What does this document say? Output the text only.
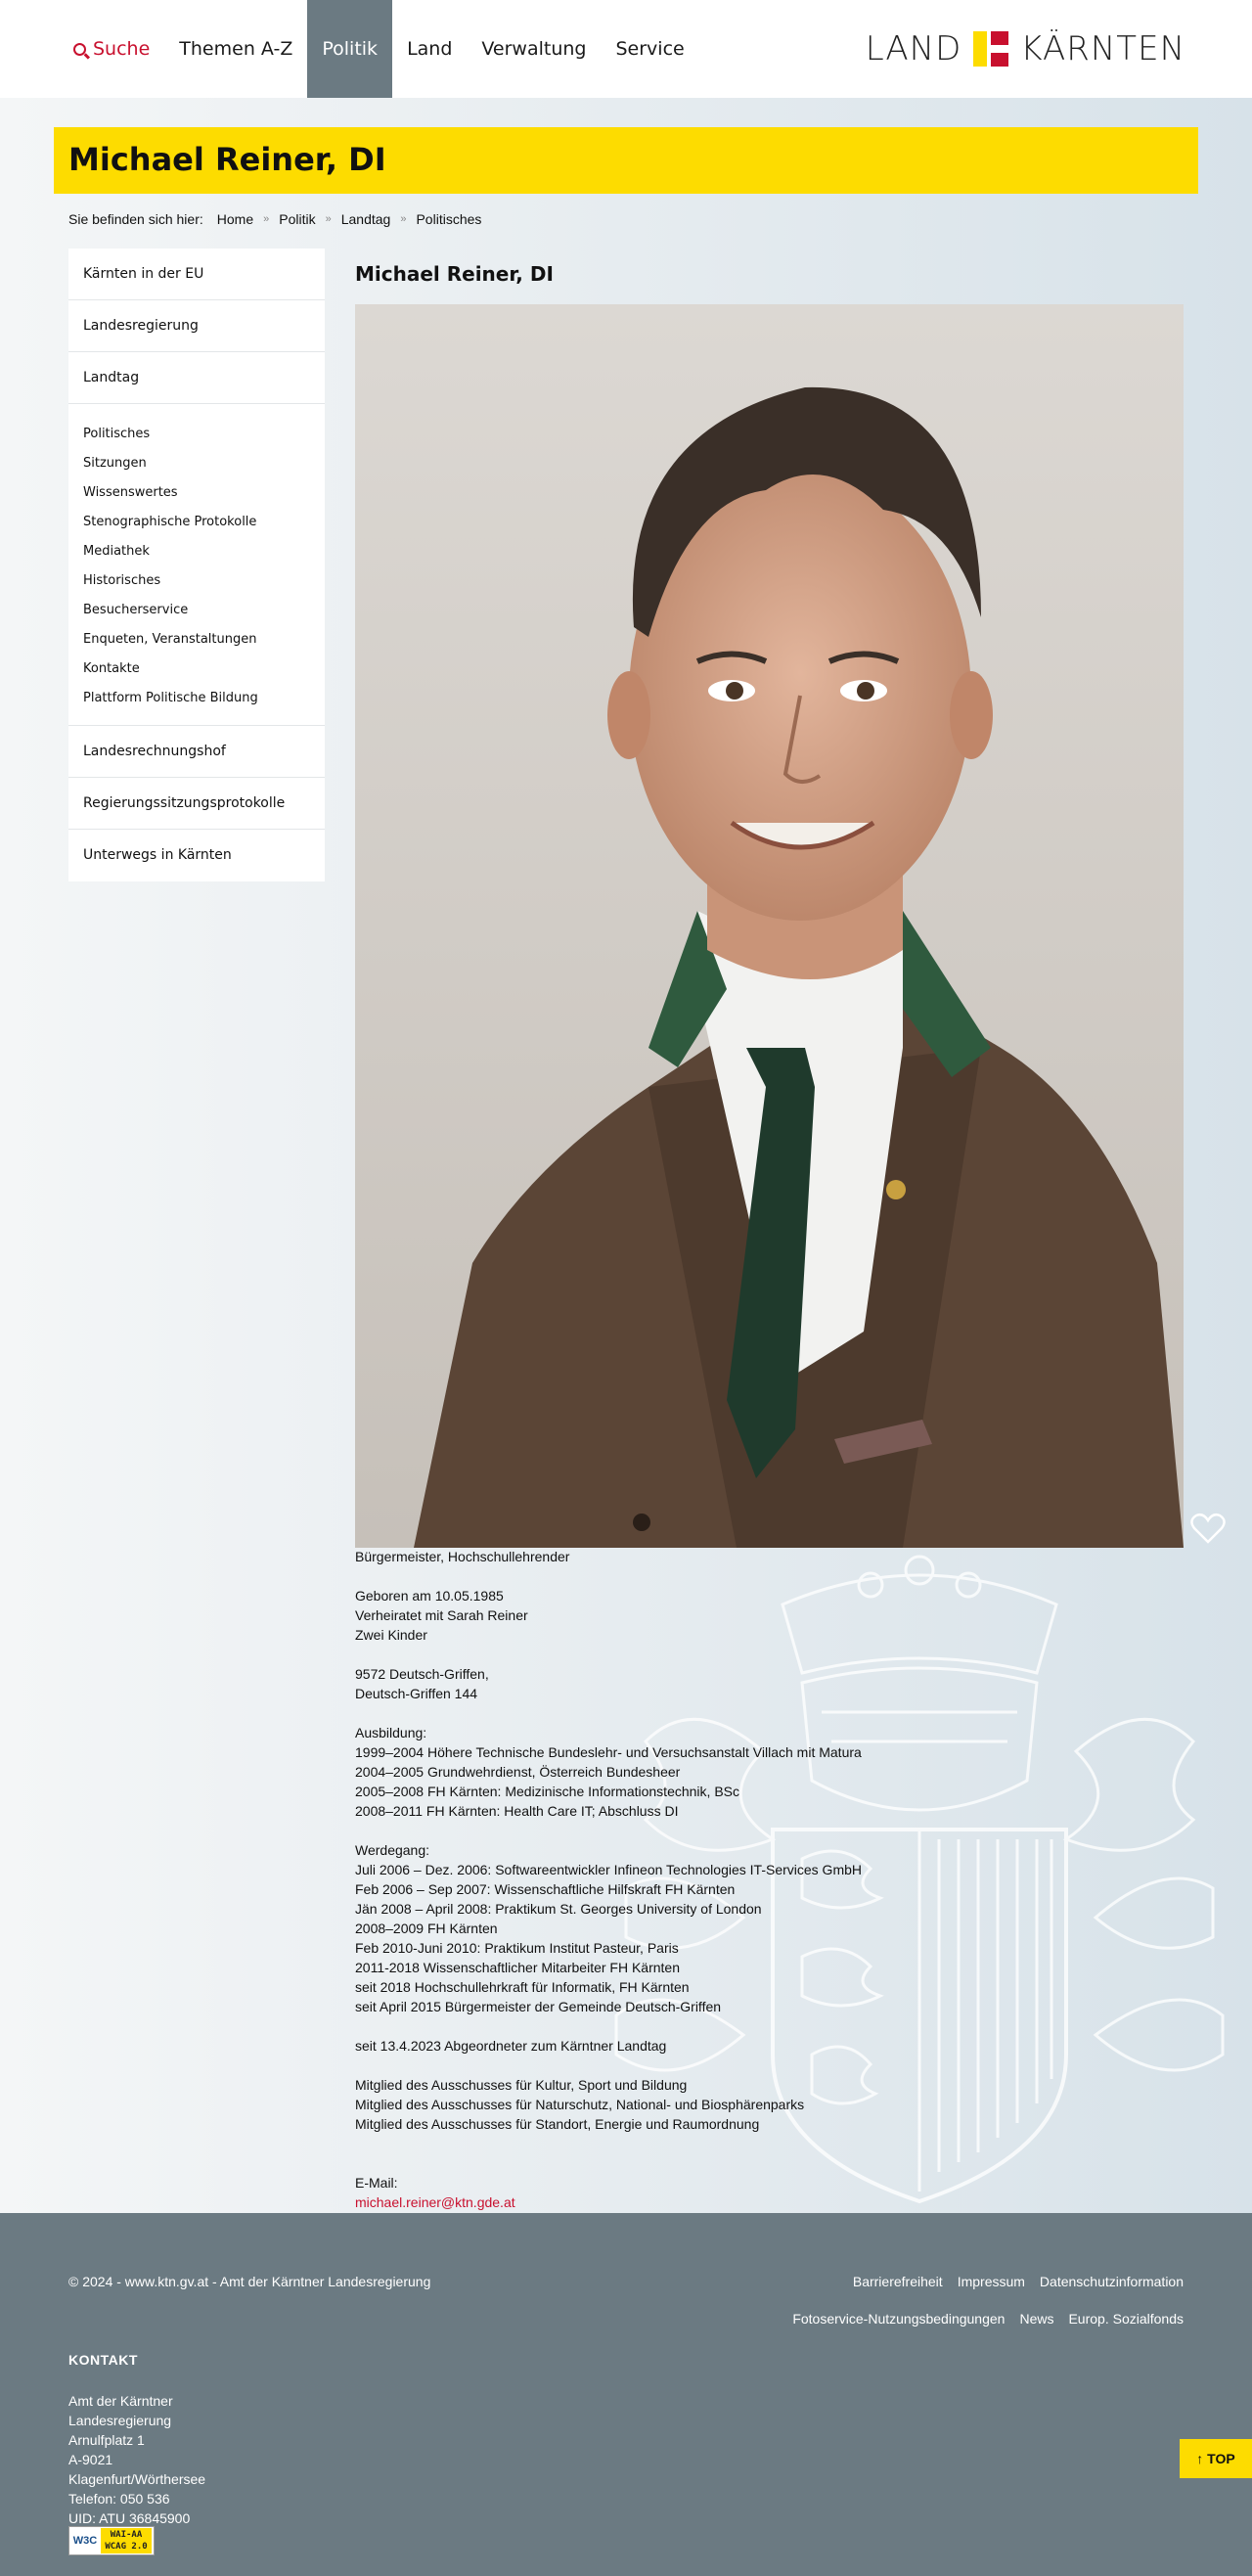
Suche	Themen A-Z	Politik	Land	Verwaltung	Service	LAND KÄRNTEN
Michael Reiner, DI
Sie befinden sich hier: Home » Politik » Landtag » Politisches
Kärnten in der EU
Landesregierung
Landtag
Politisches
Sitzungen
Wissenswertes
Stenographische Protokolle
Mediathek
Historisches
Besucherservice
Enqueten, Veranstaltungen
Kontakte
Plattform Politische Bildung
Landesrechnungshof
Regierungssitzungsprotokolle
Unterwegs in Kärnten
Michael Reiner, DI

Bürgermeister, Hochschullehrender

Geboren am 10.05.1985
Verheiratet mit Sarah Reiner
Zwei Kinder

9572 Deutsch-Griffen,
Deutsch-Griffen 144

Ausbildung:
1999–2004 Höhere Technische Bundeslehr- und Versuchsanstalt Villach mit Matura
2004–2005 Grundwehrdienst, Österreich Bundesheer
2005–2008 FH Kärnten: Medizinische Informationstechnik, BSc
2008–2011 FH Kärnten: Health Care IT; Abschluss DI

Werdegang:
Juli 2006 – Dez. 2006: Softwareentwickler Infineon Technologies IT-Services GmbH
Feb 2006 – Sep 2007: Wissenschaftliche Hilfskraft FH Kärnten
Jän 2008 – April 2008: Praktikum St. Georges University of London
2008–2009 FH Kärnten
Feb 2010-Juni 2010: Praktikum Institut Pasteur, Paris
2011-2018 Wissenschaftlicher Mitarbeiter FH Kärnten
seit 2018 Hochschullehrkraft für Informatik, FH Kärnten
seit April 2015 Bürgermeister der Gemeinde Deutsch-Griffen

seit 13.4.2023 Abgeordneter zum Kärntner Landtag

Mitglied des Ausschusses für Kultur, Sport und Bildung
Mitglied des Ausschusses für Naturschutz, National- und Biosphärenparks
Mitglied des Ausschusses für Standort, Energie und Raumordnung

E-Mail:
michael.reiner@ktn.gde.at

© 2024 - www.ktn.gv.at - Amt der Kärntner Landesregierung	Barrierefreiheit Impressum Datenschutzinformation
Fotoservice-Nutzungsbedingungen News Europ. Sozialfonds
KONTAKT
Amt der Kärntner
Landesregierung
Arnulfplatz 1
A-9021
Klagenfurt/Wörthersee
Telefon: 050 536
UID: ATU 36845900
W3C	WAI-AA
WCAG 2.0
↑ TOP
